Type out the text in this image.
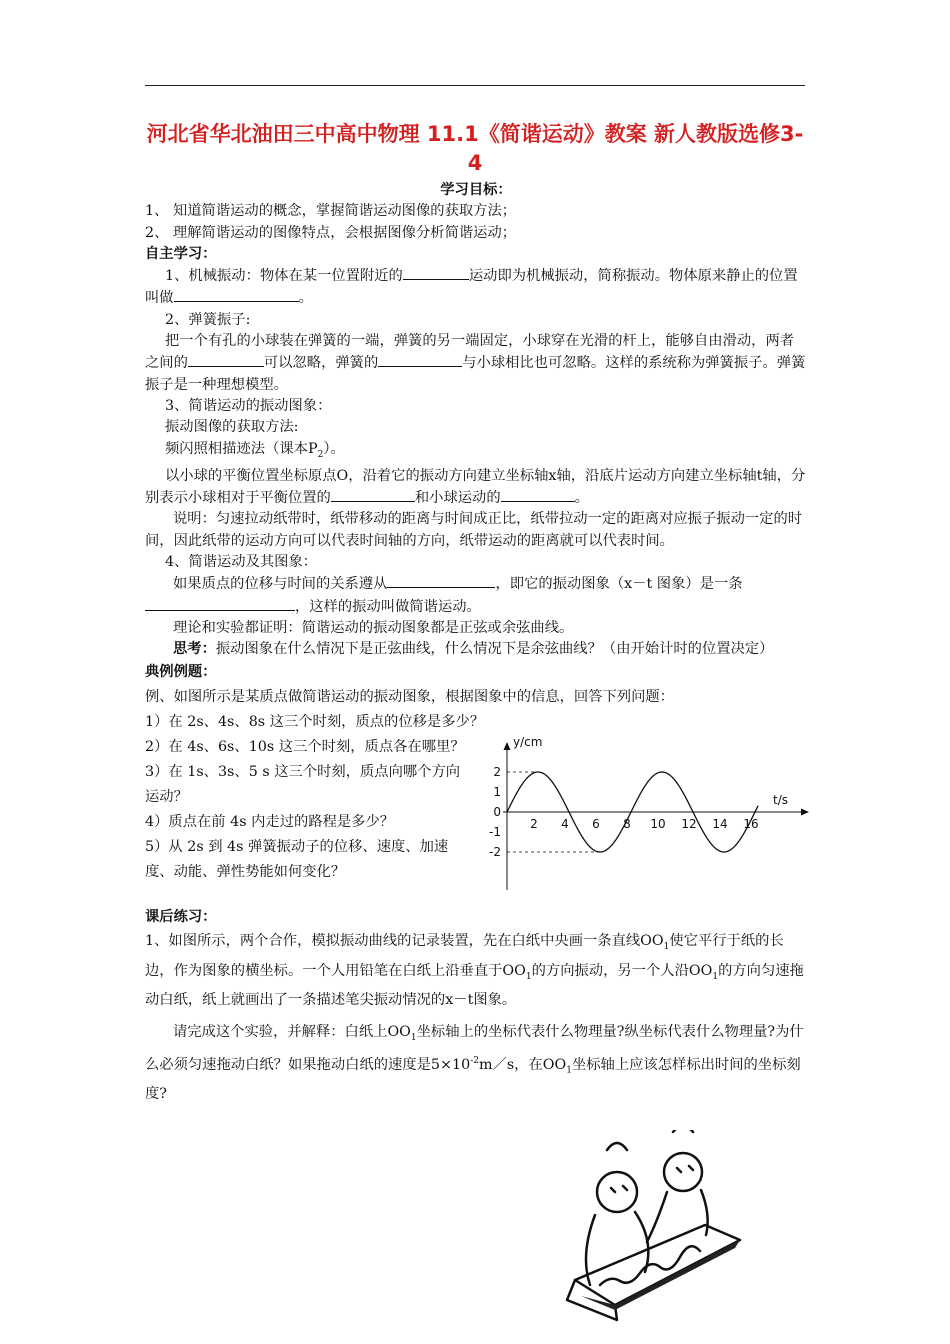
河北省华北油田三中高中物理 11.1《简谐运动》教案 新人教版选修3-4

学习目标：

1、 知道简谐运动的概念，掌握简谐运动图像的获取方法；

2、 理解简谐运动的图像特点，会根据图像分析简谐运动；

自主学习：

1、机械振动：物体在某一位置附近的	运动即为机械振动，简称振动。物体原来静止的位置叫做	。

2、弹簧振子:

把一个有孔的小球装在弹簧的一端，弹簧的另一端固定，小球穿在光滑的杆上，能够自由滑动，两者之间的	可以忽略，弹簧的	与小球相比也可忽略。这样的系统称为弹簧振子。弹簧振子是一种理想模型。

3、简谐运动的振动图象：

振动图像的获取方法:

频闪照相描迹法（课本$P_2$）。

以小球的平衡位置坐标原点O，沿着它的振动方向建立坐标轴x轴，沿底片运动方向建立坐标轴t轴，分别表示小球相对于平衡位置的	和小球运动的	。

说明：匀速拉动纸带时，纸带移动的距离与时间成正比，纸带拉动一定的距离对应振子振动一定的时间，因此纸带的运动方向可以代表时间轴的方向，纸带运动的距离就可以代表时间。

4、简谐运动及其图象：

如果质点的位移与时间的关系遵从	，即它的振动图象（x－t 图象）是一条，这样的振动叫做简谐运动。

理论和实验都证明：简谐运动的振动图象都是正弦或余弦曲线。

思考：振动图象在什么情况下是正弦曲线，什么情况下是余弦曲线？（由开始计时的位置决定）

典例例题：

例、如图所示是某质点做简谐运动的振动图象，根据图象中的信息，回答下列问题：

1）在 2s、4s、8s 这三个时刻，质点的位移是多少？

2）在 4s、6s、10s 这三个时刻，质点各在哪里？

3）在 1s、3s、5 s 这三个时刻，质点向哪个方向运动？

4）质点在前 4s 内走过的路程是多少？

5）从 2s 到 4s 弹簧振动子的位移、速度、加速度、动能、弹性势能如何变化？

y/cm
t/s
2
1
0
-1
-2
2 4 6 8 10 12 14 16

课后练习：

1、如图所示，两个合作，模拟振动曲线的记录装置，先在白纸中央画一条直线$OO_1$使它平行于纸的长边，作为图象的横坐标。一个人用铅笔在白纸上沿垂直于$OO_1$的方向振动，另一个人沿$OO_1$的方向匀速拖动白纸，纸上就画出了一条描述笔尖振动情况的x－t图象。

请完成这个实验，并解释：白纸上$OO_1$坐标轴上的坐标代表什么物理量?纵坐标代表什么物理量?为什么必须匀速拖动白纸？如果拖动白纸的速度是$5\times 10^{-2}m/s$，在$OO_1$坐标轴上应该怎样标出时间的坐标刻度?
